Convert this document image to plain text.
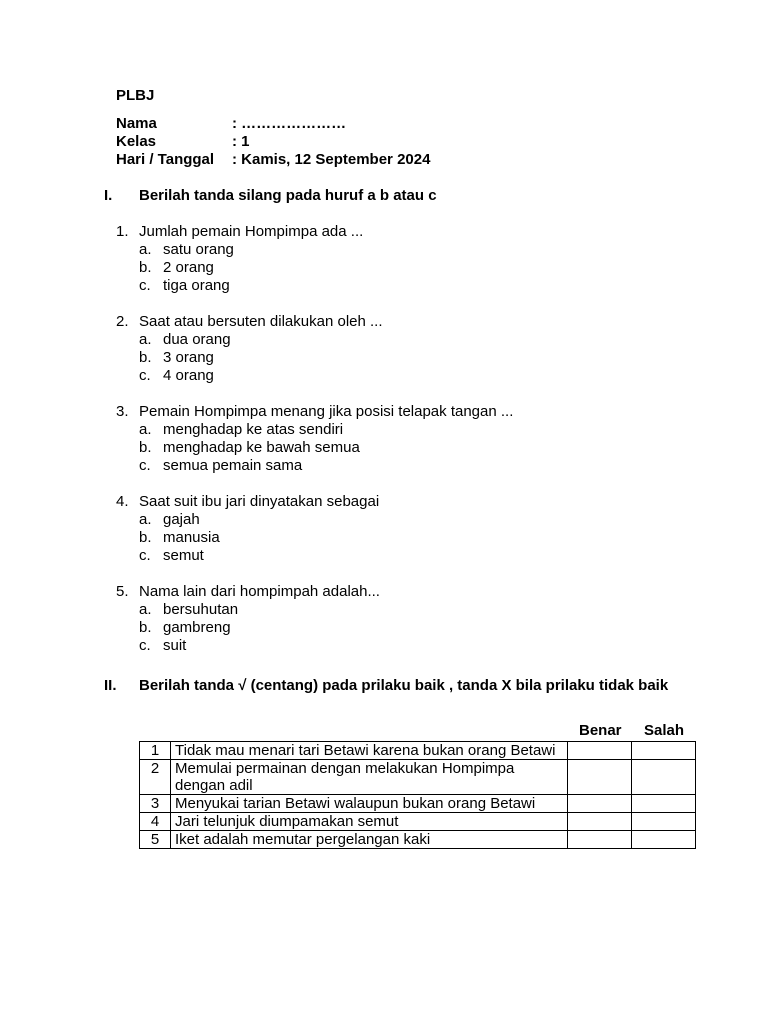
PLBJ
Nama	: …………………
Kelas	: 1
Hari / Tanggal	: Kamis, 12 September 2024
I. Berilah tanda silang pada huruf a b atau c
1. Jumlah pemain Hompimpa ada ...
a. satu orang
b. 2 orang
c. tiga orang
2. Saat atau bersuten dilakukan oleh ...
a. dua orang
b. 3 orang
c. 4 orang
3. Pemain Hompimpa menang jika posisi telapak tangan ...
a. menghadap ke atas sendiri
b. menghadap ke bawah semua
c. semua pemain sama
4. Saat suit ibu jari dinyatakan sebagai
a. gajah
b. manusia
c. semut
5. Nama lain dari hompimpah adalah...
a. bersuhutan
b. gambreng
c. suit
II. Berilah tanda √ (centang) pada prilaku baik , tanda X bila prilaku tidak baik
Benar Salah
1	Tidak mau menari tari Betawi karena bukan orang Betawi		
2	Memulai permainan dengan melakukan Hompimpa dengan adil		
3	Menyukai tarian Betawi walaupun bukan orang Betawi		
4	Jari telunjuk diumpamakan semut		
5	Iket adalah memutar pergelangan kaki		
